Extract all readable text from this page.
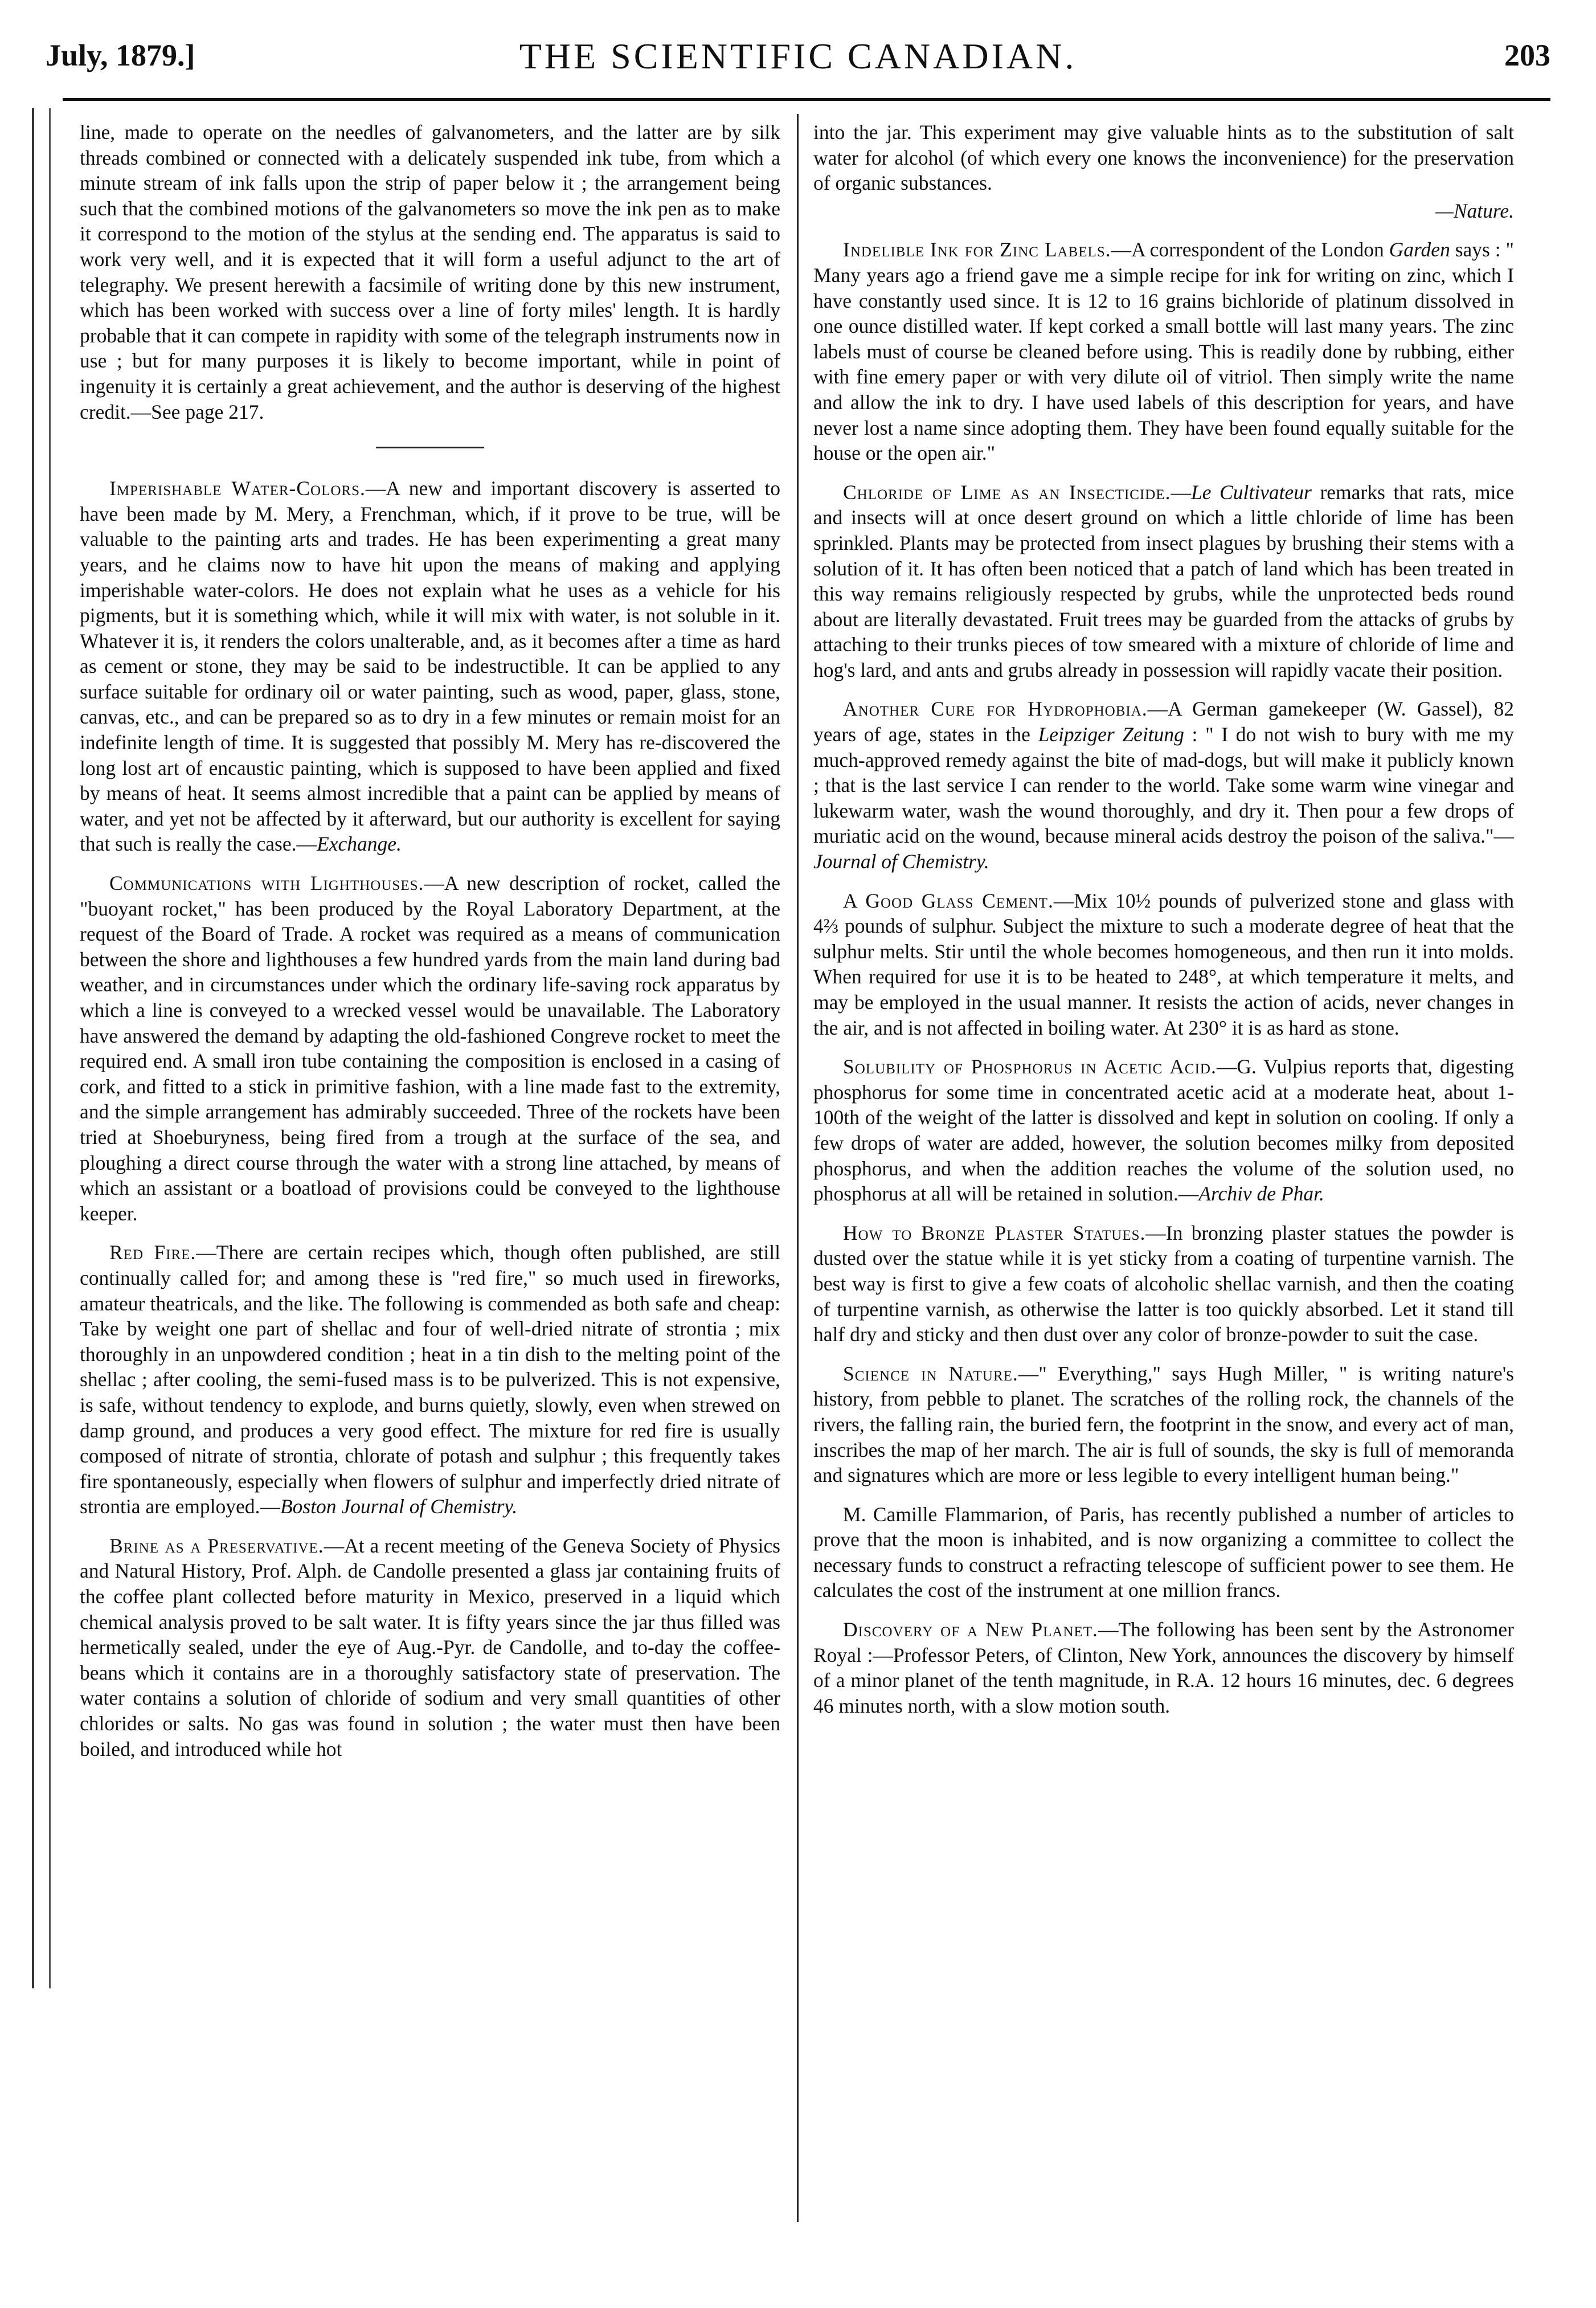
July, 1879.]	THE SCIENTIFIC CANADIAN.	203

line, made to operate on the needles of galvanometers, and the latter are by silk threads combined or connected with a delicately suspended ink tube, from which a minute stream of ink falls upon the strip of paper below it ; the arrangement being such that the combined motions of the galvanometers so move the ink pen as to make it correspond to the motion of the stylus at the sending end. The apparatus is said to work very well, and it is expected that it will form a useful adjunct to the art of telegraphy. We present herewith a facsimile of writing done by this new instrument, which has been worked with success over a line of forty miles' length. It is hardly probable that it can compete in rapidity with some of the telegraph instruments now in use ; but for many purposes it is likely to become important, while in point of ingenuity it is certainly a great achievement, and the author is deserving of the highest credit.—See page 217.

Imperishable Water-Colors.—A new and important discovery is asserted to have been made by M. Mery, a Frenchman, which, if it prove to be true, will be valuable to the painting arts and trades. He has been experimenting a great many years, and he claims now to have hit upon the means of making and applying imperishable water-colors. He does not explain what he uses as a vehicle for his pigments, but it is something which, while it will mix with water, is not soluble in it. Whatever it is, it renders the colors unalterable, and, as it becomes after a time as hard as cement or stone, they may be said to be indestructible. It can be applied to any surface suitable for ordinary oil or water painting, such as wood, paper, glass, stone, canvas, etc., and can be prepared so as to dry in a few minutes or remain moist for an indefinite length of time. It is suggested that possibly M. Mery has re-discovered the long lost art of encaustic painting, which is supposed to have been applied and fixed by means of heat. It seems almost incredible that a paint can be applied by means of water, and yet not be affected by it afterward, but our authority is excellent for saying that such is really the case.—Exchange.

Communications with Lighthouses.—A new description of rocket, called the "buoyant rocket," has been produced by the Royal Laboratory Department, at the request of the Board of Trade. A rocket was required as a means of communication between the shore and lighthouses a few hundred yards from the main land during bad weather, and in circumstances under which the ordinary life-saving rock apparatus by which a line is conveyed to a wrecked vessel would be unavailable. The Laboratory have answered the demand by adapting the old-fashioned Congreve rocket to meet the required end. A small iron tube containing the composition is enclosed in a casing of cork, and fitted to a stick in primitive fashion, with a line made fast to the extremity, and the simple arrangement has admirably succeeded. Three of the rockets have been tried at Shoeburyness, being fired from a trough at the surface of the sea, and ploughing a direct course through the water with a strong line attached, by means of which an assistant or a boatload of provisions could be conveyed to the lighthouse keeper.

Red Fire.—There are certain recipes which, though often published, are still continually called for; and among these is "red fire," so much used in fireworks, amateur theatricals, and the like. The following is commended as both safe and cheap: Take by weight one part of shellac and four of well-dried nitrate of strontia ; mix thoroughly in an unpowdered condition ; heat in a tin dish to the melting point of the shellac ; after cooling, the semi-fused mass is to be pulverized. This is not expensive, is safe, without tendency to explode, and burns quietly, slowly, even when strewed on damp ground, and produces a very good effect. The mixture for red fire is usually composed of nitrate of strontia, chlorate of potash and sulphur ; this frequently takes fire spontaneously, especially when flowers of sulphur and imperfectly dried nitrate of strontia are employed.—Boston Journal of Chemistry.

Brine as a Preservative.—At a recent meeting of the Geneva Society of Physics and Natural History, Prof. Alph. de Candolle presented a glass jar containing fruits of the coffee plant collected before maturity in Mexico, preserved in a liquid which chemical analysis proved to be salt water. It is fifty years since the jar thus filled was hermetically sealed, under the eye of Aug.-Pyr. de Candolle, and to-day the coffee-beans which it contains are in a thoroughly satisfactory state of preservation. The water contains a solution of chloride of sodium and very small quantities of other chlorides or salts. No gas was found in solution ; the water must then have been boiled, and introduced while hot

into the jar. This experiment may give valuable hints as to the substitution of salt water for alcohol (of which every one knows the inconvenience) for the preservation of organic substances.

—Nature.

Indelible Ink for Zinc Labels.—A correspondent of the London Garden says : " Many years ago a friend gave me a simple recipe for ink for writing on zinc, which I have constantly used since. It is 12 to 16 grains bichloride of platinum dissolved in one ounce distilled water. If kept corked a small bottle will last many years. The zinc labels must of course be cleaned before using. This is readily done by rubbing, either with fine emery paper or with very dilute oil of vitriol. Then simply write the name and allow the ink to dry. I have used labels of this description for years, and have never lost a name since adopting them. They have been found equally suitable for the house or the open air."

Chloride of Lime as an Insecticide.—Le Cultivateur remarks that rats, mice and insects will at once desert ground on which a little chloride of lime has been sprinkled. Plants may be protected from insect plagues by brushing their stems with a solution of it. It has often been noticed that a patch of land which has been treated in this way remains religiously respected by grubs, while the unprotected beds round about are literally devastated. Fruit trees may be guarded from the attacks of grubs by attaching to their trunks pieces of tow smeared with a mixture of chloride of lime and hog's lard, and ants and grubs already in possession will rapidly vacate their position.

Another Cure for Hydrophobia.—A German gamekeeper (W. Gassel), 82 years of age, states in the Leipziger Zeitung : " I do not wish to bury with me my much-approved remedy against the bite of mad-dogs, but will make it publicly known ; that is the last service I can render to the world. Take some warm wine vinegar and lukewarm water, wash the wound thoroughly, and dry it. Then pour a few drops of muriatic acid on the wound, because mineral acids destroy the poison of the saliva."—Journal of Chemistry.

A Good Glass Cement.—Mix 10½ pounds of pulverized stone and glass with 4⅔ pounds of sulphur. Subject the mixture to such a moderate degree of heat that the sulphur melts. Stir until the whole becomes homogeneous, and then run it into molds. When required for use it is to be heated to 248°, at which temperature it melts, and may be employed in the usual manner. It resists the action of acids, never changes in the air, and is not affected in boiling water. At 230° it is as hard as stone.

Solubility of Phosphorus in Acetic Acid.—G. Vulpius reports that, digesting phosphorus for some time in concentrated acetic acid at a moderate heat, about 1-100th of the weight of the latter is dissolved and kept in solution on cooling. If only a few drops of water are added, however, the solution becomes milky from deposited phosphorus, and when the addition reaches the volume of the solution used, no phosphorus at all will be retained in solution.—Archiv de Phar.

How to Bronze Plaster Statues.—In bronzing plaster statues the powder is dusted over the statue while it is yet sticky from a coating of turpentine varnish. The best way is first to give a few coats of alcoholic shellac varnish, and then the coating of turpentine varnish, as otherwise the latter is too quickly absorbed. Let it stand till half dry and sticky and then dust over any color of bronze-powder to suit the case.

Science in Nature.—" Everything," says Hugh Miller, " is writing nature's history, from pebble to planet. The scratches of the rolling rock, the channels of the rivers, the falling rain, the buried fern, the footprint in the snow, and every act of man, inscribes the map of her march. The air is full of sounds, the sky is full of memoranda and signatures which are more or less legible to every intelligent human being."

M. Camille Flammarion, of Paris, has recently published a number of articles to prove that the moon is inhabited, and is now organizing a committee to collect the necessary funds to construct a refracting telescope of sufficient power to see them. He calculates the cost of the instrument at one million francs.

Discovery of a New Planet.—The following has been sent by the Astronomer Royal :—Professor Peters, of Clinton, New York, announces the discovery by himself of a minor planet of the tenth magnitude, in R.A. 12 hours 16 minutes, dec. 6 degrees 46 minutes north, with a slow motion south.
